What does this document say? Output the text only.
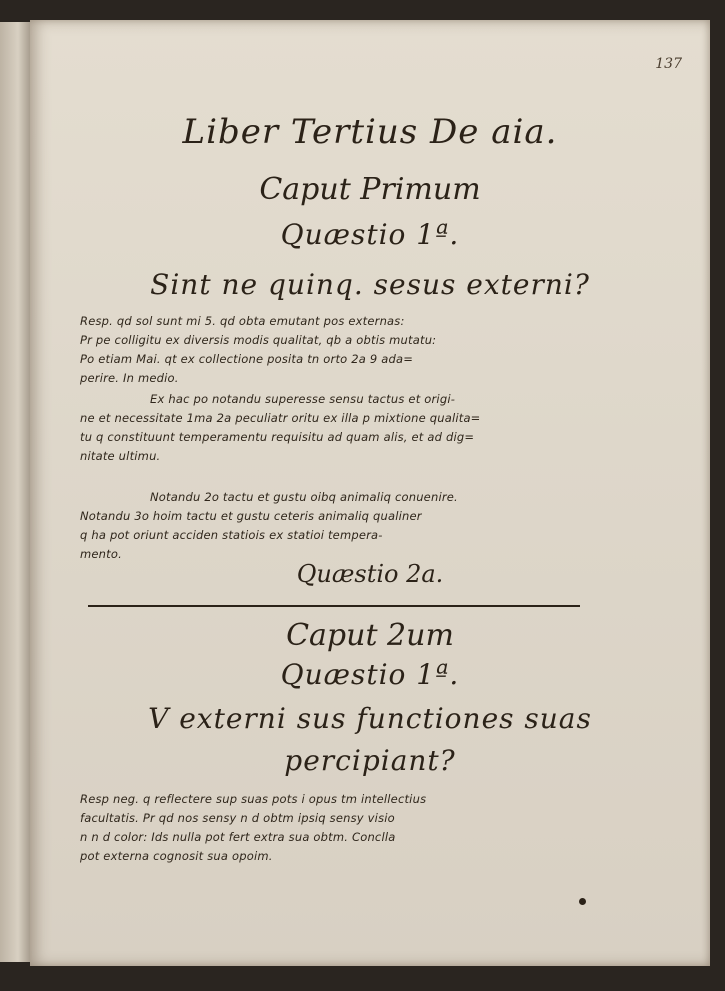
137
Liber Tertius De aia.
Caput Primum
Quæstio 1ª.
Sint ne quinq. sesus externi?

Resp. qd sol sunt mi 5. qd obta emutant pos externas:

Pr pe colligitu ex diversis modis qualitat, qb a obtis mutatu:

Po etiam Mai. qt ex collectione posita tn orto 2a 9 ada=

perire. In medio.

Ex hac po notandu superesse sensu tactus et origi-

ne et necessitate 1ma 2a peculiatr oritu ex illa p mixtione qualita=

tu q constituunt temperamentu requisitu ad quam alis, et ad dig=

nitate ultimu.

Notandu 2o tactu et gustu oibq animaliq conuenire.

Notandu 3o hoim tactu et gustu ceteris animaliq qualiner

q ha pot oriunt acciden statiois ex statioi tempera-

mento.

Quæstio 2a.
Caput 2um
Quæstio 1ª.
V externi sus functiones suas
percipiant?

Resp neg. q reflectere sup suas pots i opus tm intellectius

facultatis. Pr qd nos sensy n d obtm ipsiq sensy visio

n n d color: Ids nulla pot fert extra sua obtm. Conclla

pot externa cognosit sua opoim.
